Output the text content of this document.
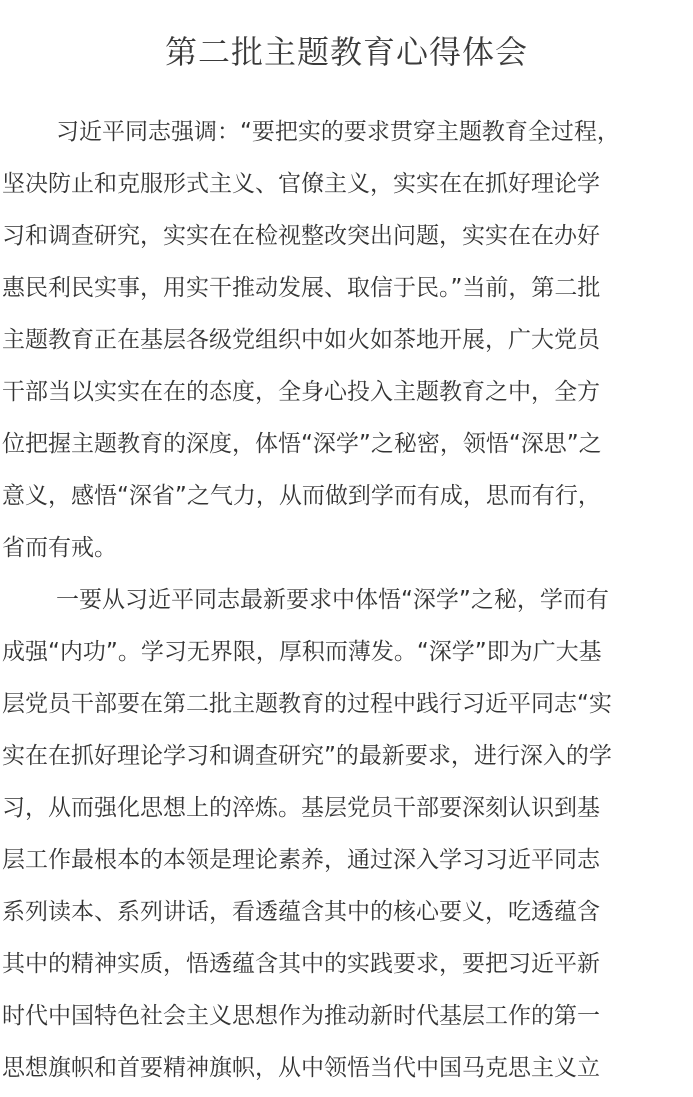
第二批主题教育心得体会
习近平同志强调：“要把实的要求贯穿主题教育全过程，
坚决防止和克服形式主义、官僚主义，实实在在抓好理论学
习和调查研究，实实在在检视整改突出问题，实实在在办好
惠民利民实事，用实干推动发展、取信于民。”当前，第二批
主题教育正在基层各级党组织中如火如茶地开展，广大党员
干部当以实实在在的态度，全身心投入主题教育之中，全方
位把握主题教育的深度，体悟“深学”之秘密，领悟“深思”之
意义，感悟“深省”之气力，从而做到学而有成，思而有行，
省而有戒。
一要从习近平同志最新要求中体悟“深学”之秘，学而有
成强“内功”。学习无界限，厚积而薄发。“深学”即为广大基
层党员干部要在第二批主题教育的过程中践行习近平同志“实
实在在抓好理论学习和调查研究”的最新要求，进行深入的学
习，从而强化思想上的淬炼。基层党员干部要深刻认识到基
层工作最根本的本领是理论素养，通过深入学习习近平同志
系列读本、系列讲话，看透蕴含其中的核心要义，吃透蕴含
其中的精神实质，悟透蕴含其中的实践要求，要把习近平新
时代中国特色社会主义思想作为推动新时代基层工作的第一
思想旗帜和首要精神旗帜，从中领悟当代中国马克思主义立
